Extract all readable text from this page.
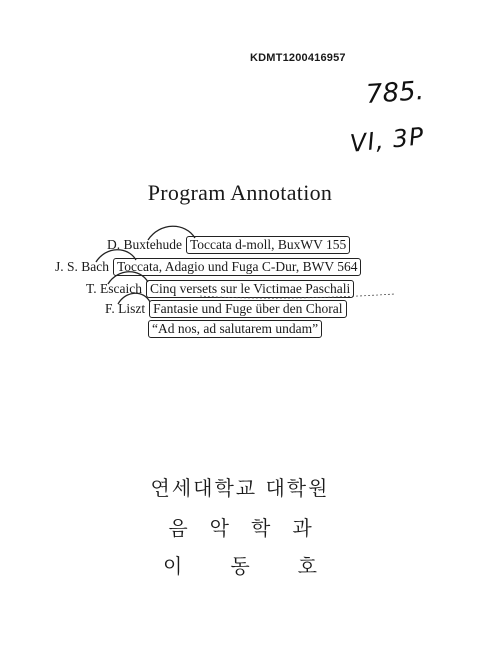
KDMT1200416957
785.
VI, 3P
Program Annotation
D. Buxtehude Toccata d-moll, BuxWV 155
J. S. Bach Toccata, Adagio und Fuga C-Dur, BWV 564
T. Escaich Cinq versets sur le Victimae Paschali
F. Liszt Fantasie und Fuge über den Choral
“Ad nos, ad salutarem undam”
연세대학교 대학원
음악학과
이동호
